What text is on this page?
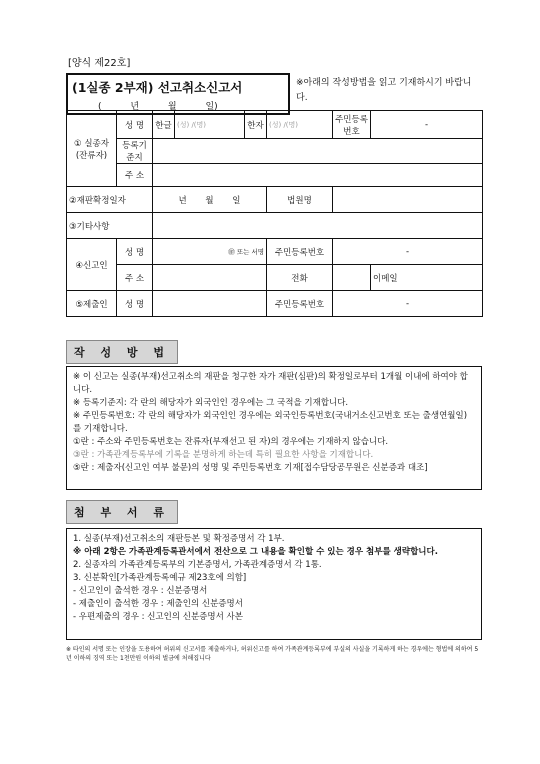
[양식 제22호]
(1실종 2부재) 선고취소신고서
( 년 월 일)
※아래의 작성방법을 읽고 기재하시기 바랍니다.
① 실종자 (잔류자)	성 명	한글	(성) /(명)	한자	(성) /(명)	주민등록 번호	-
	등록기준지						
	주 소						
②재판확정일자		년 월 일			법원명		
③기타사항							
④신고인	성 명	㊞ 또는 서명			주민등록번호	-	
	주 소				전화		이메일
⑤제출인	성 명				주민등록번호	-	
작 성 방 법

※ 이 신고는 실종(부재)선고취소의 재판을 청구한 자가 재판(심판)의 확정일로부터 1개월 이내에 하여야 합니다.

※ 등록기준지: 각 란의 해당자가 외국인인 경우에는 그 국적을 기재합니다.

※ 주민등록번호: 각 란의 해당자가 외국인인 경우에는 외국인등록번호(국내거소신고번호 또는 출생연월일)를 기재합니다.

①란 : 주소와 주민등록번호는 잔류자(부재선고 된 자)의 경우에는 기재하지 않습니다.

③란 : 가족관계등록부에 기록을 분명하게 하는데 특히 필요한 사항을 기재합니다.

⑤란 : 제출자(신고인 여부 불문)의 성명 및 주민등록번호 기재[접수담당공무원은 신분증과 대조]

첨 부 서 류

1. 실종(부재)선고취소의 재판등본 및 확정증명서 각 1부.

※ 아래 2항은 가족관계등록관서에서 전산으로 그 내용을 확인할 수 있는 경우 첨부를 생략합니다.

2. 실종자의 가족관계등록부의 기본증명서, 가족관계증명서 각 1통.

3. 신분확인[가족관계등록예규 제23호에 의함]

- 신고인이 출석한 경우 : 신분증명서

- 제출인이 출석한 경우 : 제출인의 신분증명서

- 우편제출의 경우 : 신고인의 신분증명서 사본

※ 타인의 서명 또는 인장을 도용하여 허위의 신고서를 제출하거나, 허위신고를 하여 가족관계등록부에 부실의 사실을 기록하게 하는 경우에는 형법에 의하여 5년 이하의 징역 또는 1천만원 이하의 벌금에 처해집니다
